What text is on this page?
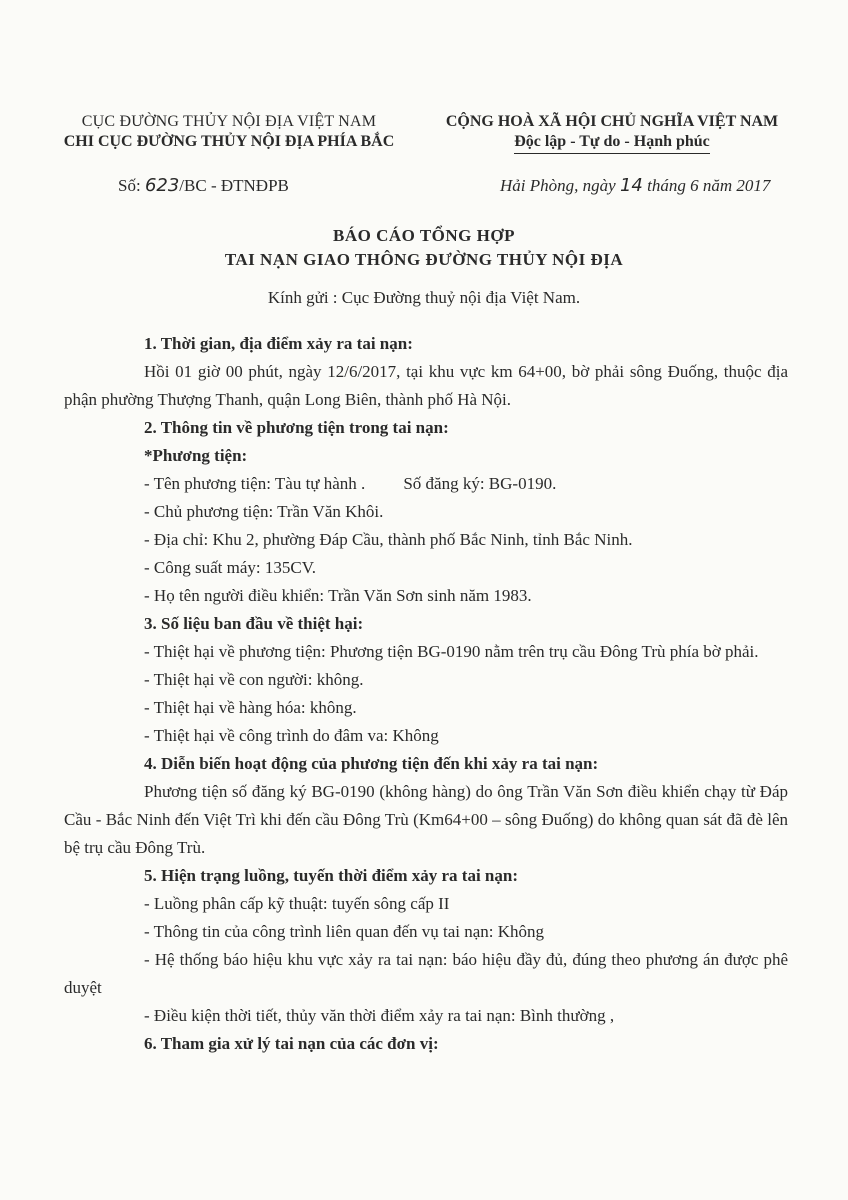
CỤC ĐƯỜNG THỦY NỘI ĐỊA VIỆT NAM
CHI CỤC ĐƯỜNG THỦY NỘI ĐỊA PHÍA BẮC
CỘNG HOÀ XÃ HỘI CHỦ NGHĨA VIỆT NAM
Độc lập - Tự do - Hạnh phúc
Số: 623/BC - ĐTNĐPB	Hải Phòng, ngày 14 tháng 6 năm 2017
BÁO CÁO TỔNG HỢP
TAI NẠN GIAO THÔNG ĐƯỜNG THỦY NỘI ĐỊA
Kính gửi : Cục Đường thuỷ nội địa Việt Nam.

1. Thời gian, địa điểm xảy ra tai nạn:

Hồi 01 giờ 00 phút, ngày 12/6/2017, tại khu vực km 64+00, bờ phải sông Đuống, thuộc địa phận phường Thượng Thanh, quận Long Biên, thành phố Hà Nội.

2. Thông tin về phương tiện trong tai nạn:

*Phương tiện:

- Tên phương tiện: Tàu tự hành . Số đăng ký: BG-0190.

- Chủ phương tiện: Trần Văn Khôi.

- Địa chỉ: Khu 2, phường Đáp Cầu, thành phố Bắc Ninh, tỉnh Bắc Ninh.

- Công suất máy: 135CV.

- Họ tên người điều khiển: Trần Văn Sơn sinh năm 1983.

3. Số liệu ban đầu về thiệt hại:

- Thiệt hại về phương tiện: Phương tiện BG-0190 nằm trên trụ cầu Đông Trù phía bờ phải.

- Thiệt hại về con người: không.

- Thiệt hại về hàng hóa: không.

- Thiệt hại về công trình do đâm va: Không

4. Diễn biến hoạt động của phương tiện đến khi xảy ra tai nạn:

Phương tiện số đăng ký BG-0190 (không hàng) do ông Trần Văn Sơn điều khiển chạy từ Đáp Cầu - Bắc Ninh đến Việt Trì khi đến cầu Đông Trù (Km64+00 – sông Đuống) do không quan sát đã đè lên bệ trụ cầu Đông Trù.

5. Hiện trạng luồng, tuyến thời điểm xảy ra tai nạn:

- Luồng phân cấp kỹ thuật: tuyến sông cấp II

- Thông tin của công trình liên quan đến vụ tai nạn: Không

- Hệ thống báo hiệu khu vực xảy ra tai nạn: báo hiệu đầy đủ, đúng theo phương án được phê duyệt

- Điều kiện thời tiết, thủy văn thời điểm xảy ra tai nạn: Bình thường ,

6. Tham gia xử lý tai nạn của các đơn vị:
